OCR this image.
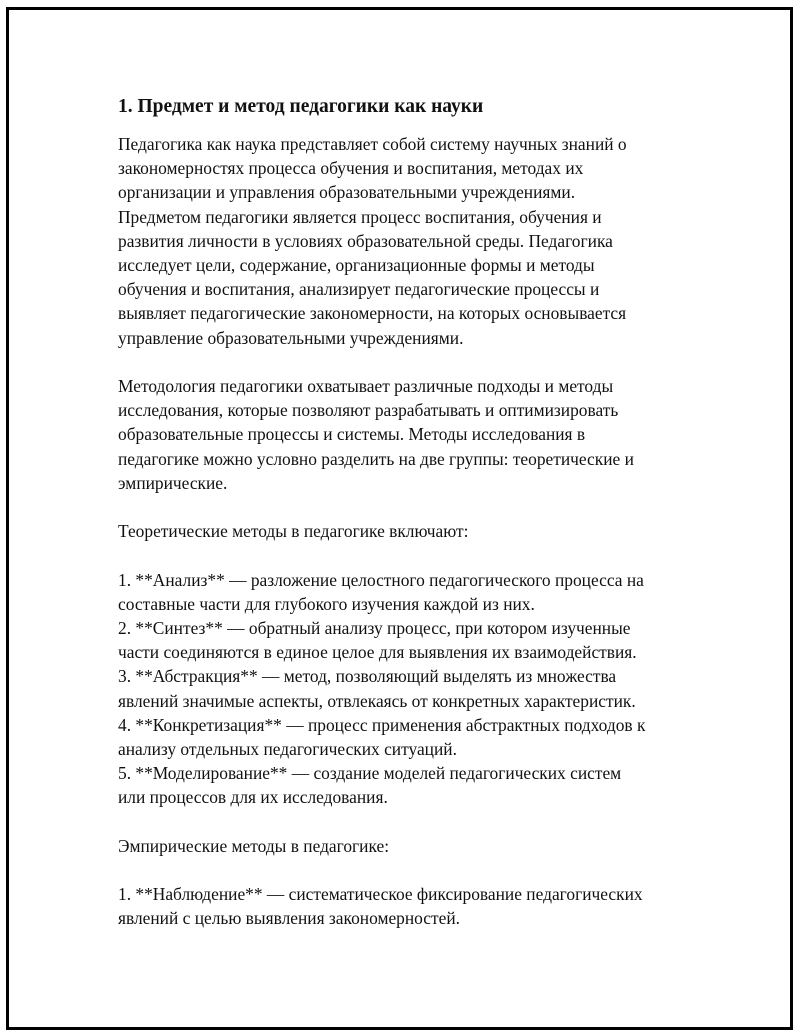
1. Предмет и метод педагогики как науки

Педагогика как наука представляет собой систему научных знаний о

закономерностях процесса обучения и воспитания, методах их

организации и управления образовательными учреждениями.

Предметом педагогики является процесс воспитания, обучения и

развития личности в условиях образовательной среды. Педагогика

исследует цели, содержание, организационные формы и методы

обучения и воспитания, анализирует педагогические процессы и

выявляет педагогические закономерности, на которых основывается

управление образовательными учреждениями.

Методология педагогики охватывает различные подходы и методы

исследования, которые позволяют разрабатывать и оптимизировать

образовательные процессы и системы. Методы исследования в

педагогике можно условно разделить на две группы: теоретические и

эмпирические.

Теоретические методы в педагогике включают:

1. **Анализ** — разложение целостного педагогического процесса на

составные части для глубокого изучения каждой из них.

2. **Синтез** — обратный анализу процесс, при котором изученные

части соединяются в единое целое для выявления их взаимодействия.

3. **Абстракция** — метод, позволяющий выделять из множества

явлений значимые аспекты, отвлекаясь от конкретных характеристик.

4. **Конкретизация** — процесс применения абстрактных подходов к

анализу отдельных педагогических ситуаций.

5. **Моделирование** — создание моделей педагогических систем

или процессов для их исследования.

Эмпирические методы в педагогике:

1. **Наблюдение** — систематическое фиксирование педагогических

явлений с целью выявления закономерностей.
